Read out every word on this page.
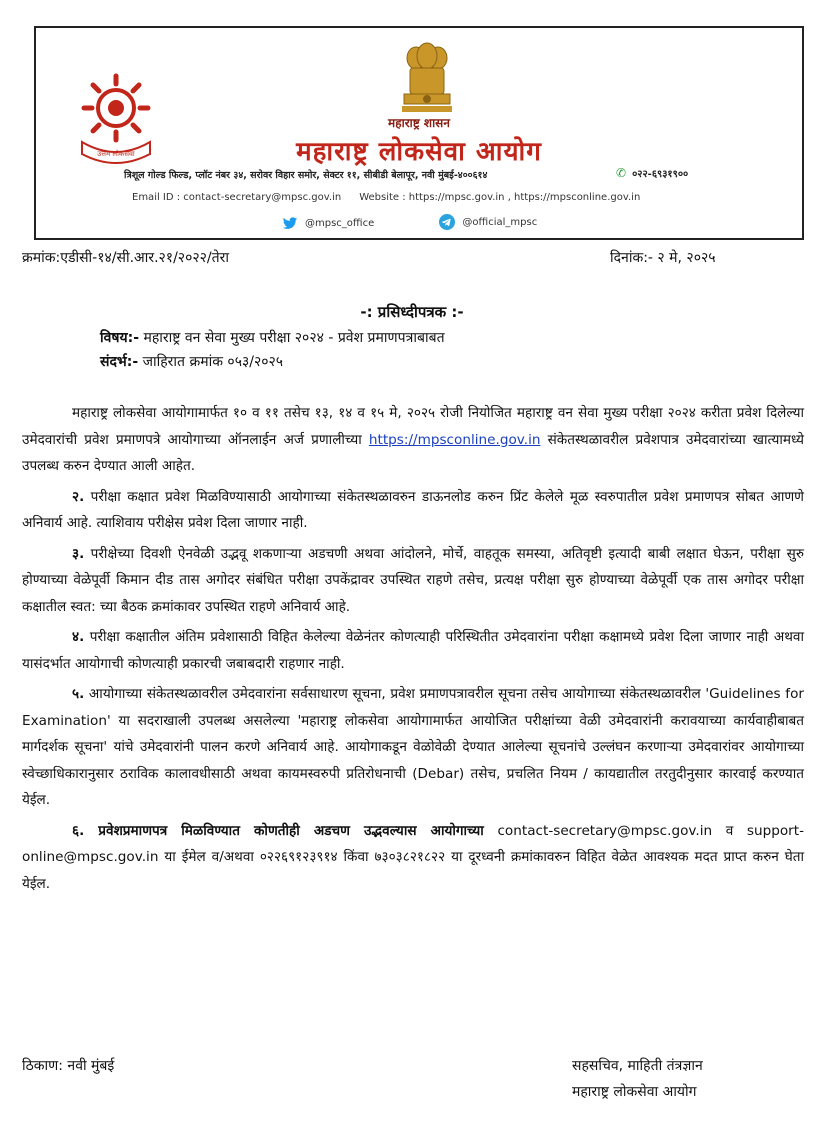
उत्तम लोकसेवा
महाराष्ट्र शासन
महाराष्ट्र लोकसेवा आयोग
त्रिशूल गोल्ड फिल्ड, प्लॉट नंबर ३४, सरोवर विहार समोर, सेक्टर ११, सीबीडी बेलापूर, नवी मुंबई-४००६१४	✆ ०२२-६९३१९००
Email ID : contact-secretary@mpsc.gov.in Website : https://mpsc.gov.in , https://mpsconline.gov.in
@mpsc_office
	@official_mpsc
क्रमांक:एडीसी-१४/सी.आर.२१/२०२२/तेरा	दिनांक:- २ मे, २०२५
-: प्रसिध्दीपत्रक :-
विषय:- महाराष्ट्र वन सेवा मुख्य परीक्षा २०२४ - प्रवेश प्रमाणपत्राबाबत
संदर्भ:- जाहिरात क्रमांक ०५३/२०२५

महाराष्ट्र लोकसेवा आयोगामार्फत १० व ११ तसेच १३, १४ व १५ मे, २०२५ रोजी नियोजित महाराष्ट्र वन सेवा मुख्य परीक्षा २०२४ करीता प्रवेश दिलेल्या उमेदवारांची प्रवेश प्रमाणपत्रे आयोगाच्या ऑनलाईन अर्ज प्रणालीच्या https://mpsconline.gov.in संकेतस्थळावरील प्रवेशपात्र उमेदवारांच्या खात्यामध्ये उपलब्ध करुन देण्यात आली आहेत.

२. परीक्षा कक्षात प्रवेश मिळविण्यासाठी आयोगाच्या संकेतस्थळावरुन डाऊनलोड करुन प्रिंट केलेले मूळ स्वरुपातील प्रवेश प्रमाणपत्र सोबत आणणे अनिवार्य आहे. त्याशिवाय परीक्षेस प्रवेश दिला जाणार नाही.

३. परीक्षेच्या दिवशी ऐनवेळी उद्भवू शकणाऱ्या अडचणी अथवा आंदोलने, मोर्चे, वाहतूक समस्या, अतिवृष्टी इत्यादी बाबी लक्षात घेऊन, परीक्षा सुरु होण्याच्या वेळेपूर्वी किमान दीड तास अगोदर संबंधित परीक्षा उपकेंद्रावर उपस्थित राहणे तसेच, प्रत्यक्ष परीक्षा सुरु होण्याच्या वेळेपूर्वी एक तास अगोदर परीक्षा कक्षातील स्वत: च्या बैठक क्रमांकावर उपस्थित राहणे अनिवार्य आहे.

४. परीक्षा कक्षातील अंतिम प्रवेशासाठी विहित केलेल्या वेळेनंतर कोणत्याही परिस्थितीत उमेदवारांना परीक्षा कक्षामध्ये प्रवेश दिला जाणार नाही अथवा यासंदर्भात आयोगाची कोणत्याही प्रकारची जबाबदारी राहणार नाही.

५. आयोगाच्या संकेतस्थळावरील उमेदवारांना सर्वसाधारण सूचना, प्रवेश प्रमाणपत्रावरील सूचना तसेच आयोगाच्या संकेतस्थळावरील 'Guidelines for Examination' या सदराखाली उपलब्ध असलेल्या 'महाराष्ट्र लोकसेवा आयोगामार्फत आयोजित परीक्षांच्या वेळी उमेदवारांनी करावयाच्या कार्यवाहीबाबत मार्गदर्शक सूचना' यांचे उमेदवारांनी पालन करणे अनिवार्य आहे. आयोगाकडून वेळोवेळी देण्यात आलेल्या सूचनांचे उल्लंघन करणाऱ्या उमेदवारांवर आयोगाच्या स्वेच्छाधिकारानुसार ठराविक कालावधीसाठी अथवा कायमस्वरुपी प्रतिरोधनाची (Debar) तसेच, प्रचलित नियम / कायद्यातील तरतुदीनुसार कारवाई करण्यात येईल.

६. प्रवेशप्रमाणपत्र मिळविण्यात कोणतीही अडचण उद्भवल्यास आयोगाच्या contact-secretary@mpsc.gov.in व support-online@mpsc.gov.in या ईमेल व/अथवा ०२२६९१२३९१४ किंवा ७३०३८२१८२२ या दूरध्वनी क्रमांकावरुन विहित वेळेत आवश्यक मदत प्राप्त करुन घेता येईल.

ठिकाण: नवी मुंबई	सहसचिव, माहिती तंत्रज्ञान
महाराष्ट्र लोकसेवा आयोग
